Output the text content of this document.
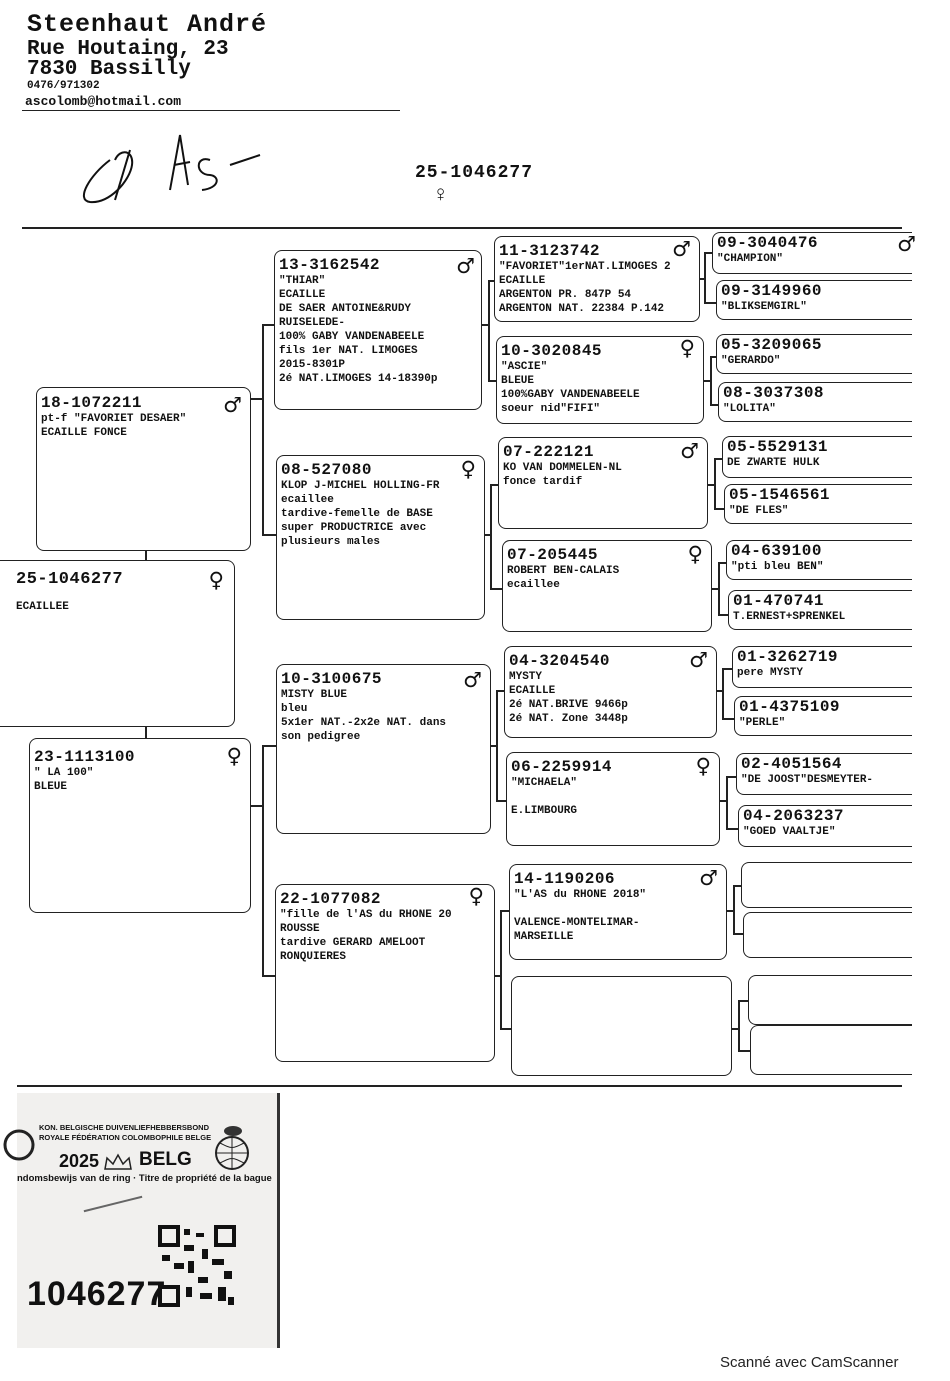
Steenhaut André
Rue Houtaing, 23
7830 Bassilly
0476/971302
ascolomb@hotmail.com
25-1046277
♀
25-1046277	♀
ECAILLEE
18-1072211	♂
pt-f "FAVORIET DESAER"
ECAILLE FONCE
23-1113100	♀
" LA 100"
BLEUE
13-3162542	♂
"THIAR"
ECAILLE
DE SAER ANTOINE&RUDY
RUISELEDE-
100% GABY VANDENABEELE
fils 1er NAT. LIMOGES
2015-8301P
2é NAT.LIMOGES 14-18390p
08-527080	♀
KLOP J-MICHEL HOLLING-FR
ecaillee
tardive-femelle de BASE
super PRODUCTRICE avec
plusieurs males
10-3100675	♂
MISTY BLUE
bleu
5x1er NAT.-2x2e NAT. dans
son pedigree
22-1077082	♀
"fille de l'AS du RHONE 20
ROUSSE
tardive GERARD AMELOOT
RONQUIERES
11-3123742	♂
"FAVORIET"1erNAT.LIMOGES 2
ECAILLE
ARGENTON PR. 847P 54
ARGENTON NAT. 22384 P.142
10-3020845	♀
"ASCIE"
BLEUE
100%GABY VANDENABEELE
soeur nid"FIFI"
07-222121	♂
KO VAN DOMMELEN-NL
fonce tardif
07-205445	♀
ROBERT BEN-CALAIS
ecailleе
04-3204540	♂
MYSTY
ECAILLE
2é NAT.BRIVE 9466p
2é NAT. Zone 3448p
06-2259914	♀
"MICHAELA"

E.LIMBOURG
14-1190206	♂
"L'AS du RHONE 2018"

VALENCE-MONTELIMAR-
MARSEILLE
09-3040476
"CHAMPION"
♂
09-3149960
"BLIKSEMGIRL"
05-3209065
"GERARDO"
08-3037308
"LOLITA"
05-5529131
DE ZWARTE HULK
05-1546561
"DE FLES"
04-639100
"pti bleu BEN"
01-470741
T.ERNEST+SPRENKEL
01-3262719
pere MYSTY
01-4375109
"PERLE"
02-4051564
"DE JOOST"DESMEYTER-
04-2063237
"GOED VAALTJE"
KON. BELGISCHE DUIVENLIEFHEBBERSBOND
ROYALE FÉDÉRATION COLOMBOPHILE BELGE
2025 BELG
ndomsbewijs van de ring · Titre de propriété de la bague
1046277
Scanné avec CamScanner
